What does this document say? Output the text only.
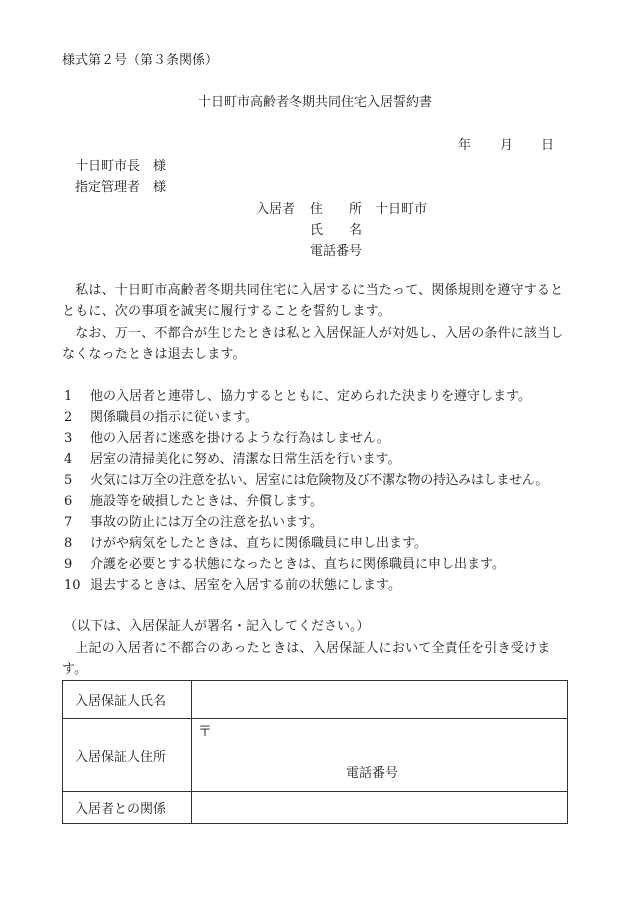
様式第２号（第３条関係）
十日町市高齢者冬期共同住宅入居誓約書
年 月 日
十日町市長　様
指定管理者　様
入居者 住　　所 十日町市
氏　　名
電話番号
　私は、十日町市高齢者冬期共同住宅に入居するに当たって、関係規則を遵守するとともに、次の事項を誠実に履行することを誓約します。
　なお、万一、不都合が生じたときは私と入居保証人が対処し、入居の条件に該当しなくなったときは退去します。
1 他の入居者と連帯し、協力するとともに、定められた決まりを遵守します。
2 関係職員の指示に従います。
3 他の入居者に迷惑を掛けるような行為はしません。
4 居室の清掃美化に努め、清潔な日常生活を行います。
5 火気には万全の注意を払い、居室には危険物及び不潔な物の持込みはしません。
6 施設等を破損したときは、弁償します。
7 事故の防止には万全の注意を払います。
8 けがや病気をしたときは、直ちに関係職員に申し出ます。
9 介護を必要とする状態になったときは、直ちに関係職員に申し出ます。
10 退去するときは、居室を入居する前の状態にします。
（以下は、入居保証人が署名・記入してください。）
　上記の入居者に不都合のあったときは、入居保証人において全責任を引き受けます。
入居保証人氏名	
入居保証人住所	〒
電話番号

入居者との関係	
